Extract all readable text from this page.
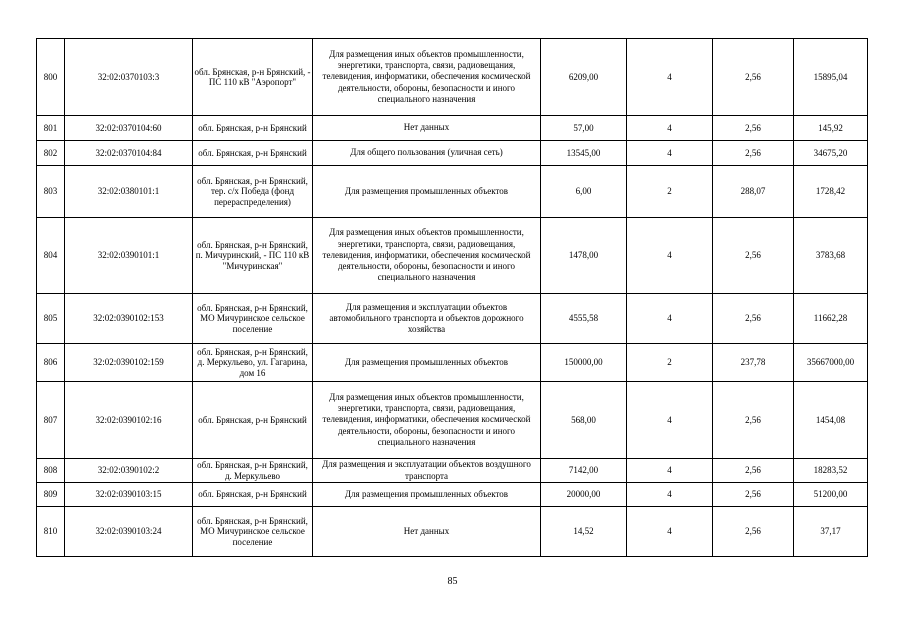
800	32:02:0370103:3	обл. Брянская, р-н Брянский, - ПС 110 кВ "Аэропорт"	Для размещения иных объектов промышленности, энергетики, транспорта, связи, радиовещания, телевидения, информатики, обеспечения космической деятельности, обороны, безопасности и иного специального назначения	6209,00	4	2,56	15895,04
801	32:02:0370104:60	обл. Брянская, р-н Брянский	Нет данных	57,00	4	2,56	145,92
802	32:02:0370104:84	обл. Брянская, р-н Брянский	Для общего пользования (уличная сеть)	13545,00	4	2,56	34675,20
803	32:02:0380101:1	обл. Брянская, р-н Брянский, тер. с/х Победа (фонд перераспределения)	Для размещения промышленных объектов	6,00	2	288,07	1728,42
804	32:02:0390101:1	обл. Брянская, р-н Брянский, п. Мичуринский, - ПС 110 кВ "Мичуринская"	Для размещения иных объектов промышленности, энергетики, транспорта, связи, радиовещания, телевидения, информатики, обеспечения космической деятельности, обороны, безопасности и иного специального назначения	1478,00	4	2,56	3783,68
805	32:02:0390102:153	обл. Брянская, р-н Брянский, МО Мичуринское сельское поселение	Для размещения и эксплуатации объектов автомобильного транспорта и объектов дорожного хозяйства	4555,58	4	2,56	11662,28
806	32:02:0390102:159	обл. Брянская, р-н Брянский, д. Меркульево, ул. Гагарина, дом 16	Для размещения промышленных объектов	150000,00	2	237,78	35667000,00
807	32:02:0390102:16	обл. Брянская, р-н Брянский	Для размещения иных объектов промышленности, энергетики, транспорта, связи, радиовещания, телевидения, информатики, обеспечения космической деятельности, обороны, безопасности и иного специального назначения	568,00	4	2,56	1454,08
808	32:02:0390102:2	обл. Брянская, р-н Брянский, д. Меркульево	Для размещения и эксплуатации объектов воздушного транспорта	7142,00	4	2,56	18283,52
809	32:02:0390103:15	обл. Брянская, р-н Брянский	Для размещения промышленных объектов	20000,00	4	2,56	51200,00
810	32:02:0390103:24	обл. Брянская, р-н Брянский, МО Мичуринское сельское поселение	Нет данных	14,52	4	2,56	37,17
85
